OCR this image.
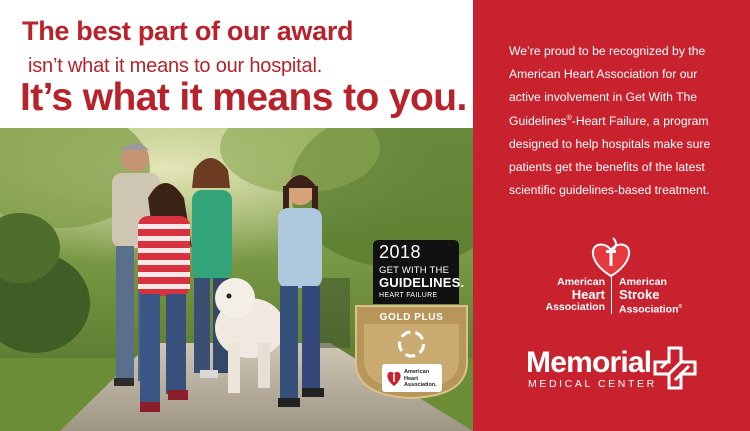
The best part of our award
isn’t what it means to our hospital.
It’s what it means to you.
2018
GET WITH THE
GUIDELINES.
HEART FAILURE
GOLD PLUS
American
Heart
Association.

We’re proud to be recognized by the

American Heart Association for our

active involvement in Get With The

Guidelines®-Heart Failure, a program

designed to help hospitals make sure

patients get the benefits of the latest

scientific guidelines-based treatment.

American
Heart
Association
American
Stroke
Association®
Memorial
MEDICAL CENTER
